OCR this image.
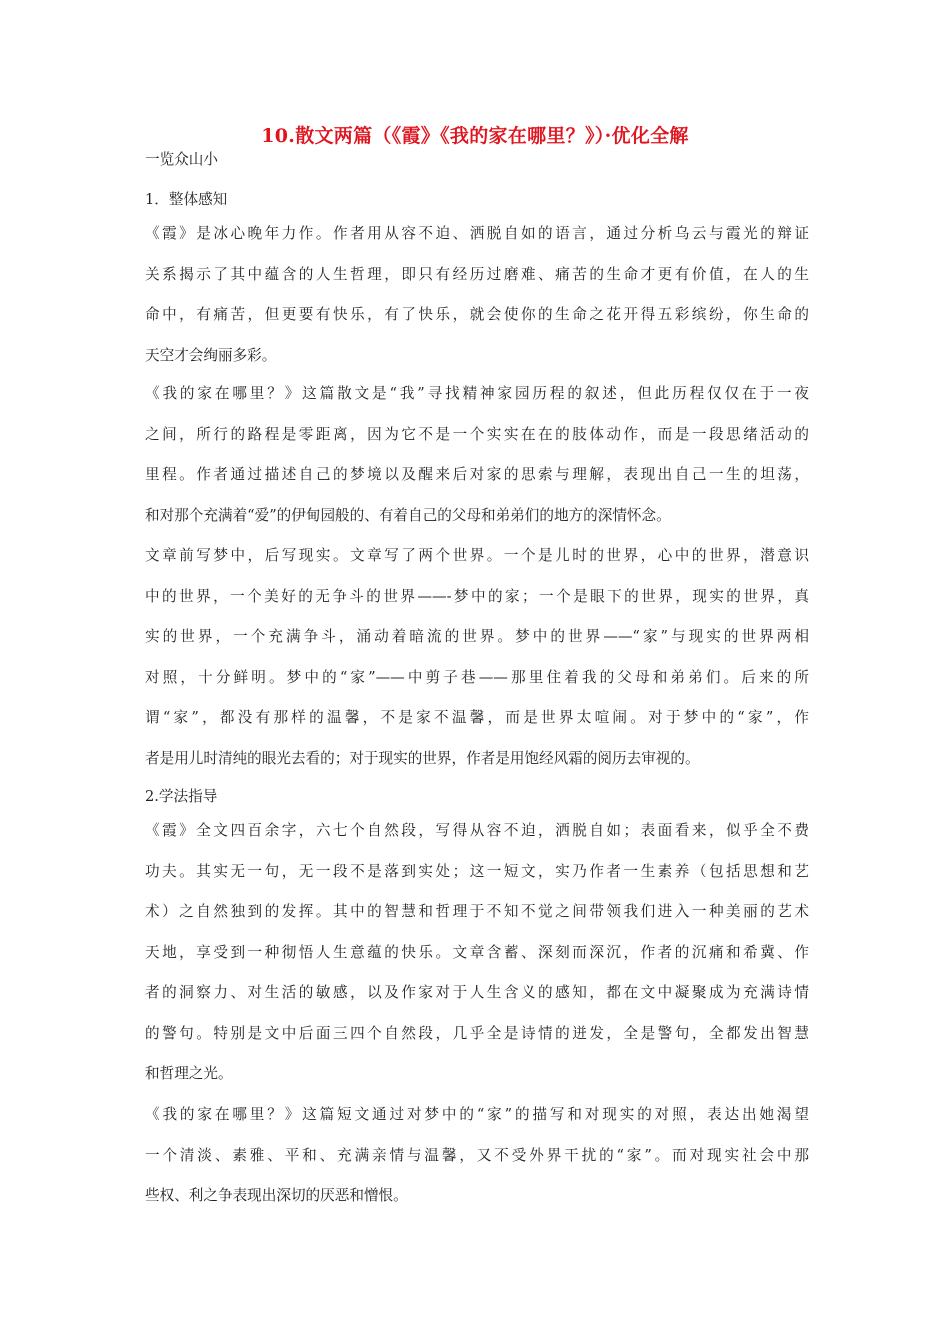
10.散文两篇（《霞》《我的家在哪里？》）·优化全解
一览众山小
1．整体感知
《霞》是冰心晚年力作。作者用从容不迫、洒脱自如的语言，通过分析乌云与霞光的辩证
关系揭示了其中蕴含的人生哲理，即只有经历过磨难、痛苦的生命才更有价值，在人的生
命中，有痛苦，但更要有快乐，有了快乐，就会使你的生命之花开得五彩缤纷，你生命的
天空才会绚丽多彩。
《我的家在哪里？》这篇散文是“我”寻找精神家园历程的叙述，但此历程仅仅在于一夜
之间，所行的路程是零距离，因为它不是一个实实在在的肢体动作，而是一段思绪活动的
里程。作者通过描述自己的梦境以及醒来后对家的思索与理解，表现出自己一生的坦荡，
和对那个充满着“爱”的伊甸园般的、有着自己的父母和弟弟们的地方的深情怀念。
文章前写梦中，后写现实。文章写了两个世界。一个是儿时的世界，心中的世界，潜意识
中的世界，一个美好的无争斗的世界——-梦中的家；一个是眼下的世界，现实的世界，真
实的世界，一个充满争斗，涌动着暗流的世界。梦中的世界——“家”与现实的世界两相
对照，十分鲜明。梦中的“家”——中剪子巷——那里住着我的父母和弟弟们。后来的所
谓“家”，都没有那样的温馨，不是家不温馨，而是世界太喧闹。对于梦中的“家”，作
者是用儿时清纯的眼光去看的；对于现实的世界，作者是用饱经风霜的阅历去审视的。
2.学法指导
《霞》全文四百余字，六七个自然段，写得从容不迫，洒脱自如；表面看来，似乎全不费
功夫。其实无一句，无一段不是落到实处；这一短文，实乃作者一生素养（包括思想和艺
术）之自然独到的发挥。其中的智慧和哲理于不知不觉之间带领我们进入一种美丽的艺术
天地，享受到一种彻悟人生意蕴的快乐。文章含蓄、深刻而深沉，作者的沉痛和希冀、作
者的洞察力、对生活的敏感，以及作家对于人生含义的感知，都在文中凝聚成为充满诗情
的警句。特别是文中后面三四个自然段，几乎全是诗情的迸发，全是警句，全都发出智慧
和哲理之光。
《我的家在哪里？》这篇短文通过对梦中的“家”的描写和对现实的对照，表达出她渴望
一个清淡、素雅、平和、充满亲情与温馨，又不受外界干扰的“家”。而对现实社会中那
些权、利之争表现出深切的厌恶和憎恨。
